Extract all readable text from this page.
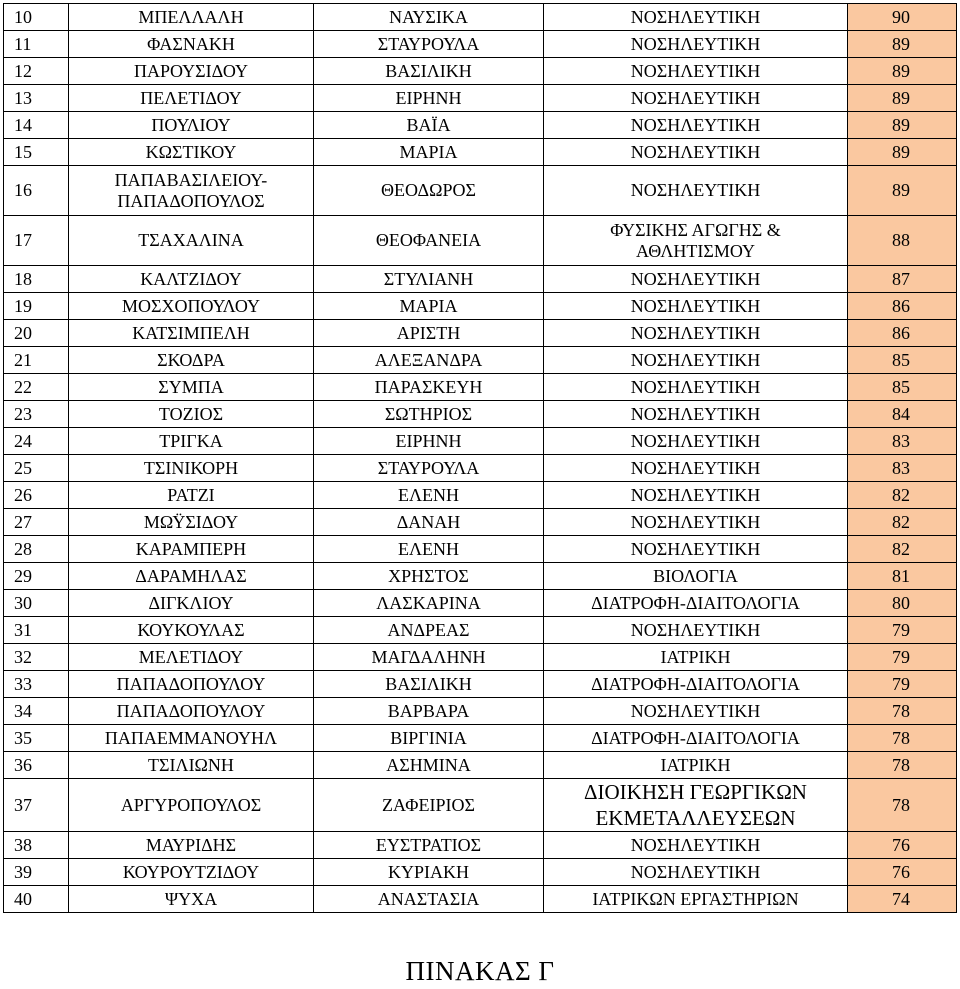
10	ΜΠΕΛΛΑΛΗ	ΝΑΥΣΙΚΑ	ΝΟΣΗΛΕΥΤΙΚΗ	90
11	ΦΑΣΝΑΚΗ	ΣΤΑΥΡΟΥΛΑ	ΝΟΣΗΛΕΥΤΙΚΗ	89
12	ΠΑΡΟΥΣΙΔΟΥ	ΒΑΣΙΛΙΚΗ	ΝΟΣΗΛΕΥΤΙΚΗ	89
13	ΠΕΛΕΤΙΔΟΥ	ΕΙΡΗΝΗ	ΝΟΣΗΛΕΥΤΙΚΗ	89
14	ΠΟΥΛΙΟΥ	ΒΑΪΑ	ΝΟΣΗΛΕΥΤΙΚΗ	89
15	ΚΩΣΤΙΚΟΥ	ΜΑΡΙΑ	ΝΟΣΗΛΕΥΤΙΚΗ	89
16	ΠΑΠΑΒΑΣΙΛΕΙΟΥ-
ΠΑΠΑΔΟΠΟΥΛΟΣ	ΘΕΟΔΩΡΟΣ	ΝΟΣΗΛΕΥΤΙΚΗ	89
17	ΤΣΑΧΑΛΙΝΑ	ΘΕΟΦΑΝΕΙΑ	ΦΥΣΙΚΗΣ ΑΓΩΓΗΣ &
ΑΘΛΗΤΙΣΜΟΥ	88
18	ΚΑΛΤΖΙΔΟΥ	ΣΤΥΛΙΑΝΗ	ΝΟΣΗΛΕΥΤΙΚΗ	87
19	ΜΟΣΧΟΠΟΥΛΟΥ	ΜΑΡΙΑ	ΝΟΣΗΛΕΥΤΙΚΗ	86
20	ΚΑΤΣΙΜΠΕΛΗ	ΑΡΙΣΤΗ	ΝΟΣΗΛΕΥΤΙΚΗ	86
21	ΣΚΟΔΡΑ	ΑΛΕΞΑΝΔΡΑ	ΝΟΣΗΛΕΥΤΙΚΗ	85
22	ΣΥΜΠΑ	ΠΑΡΑΣΚΕΥΗ	ΝΟΣΗΛΕΥΤΙΚΗ	85
23	ΤΟΖΙΟΣ	ΣΩΤΗΡΙΟΣ	ΝΟΣΗΛΕΥΤΙΚΗ	84
24	ΤΡΙΓΚΑ	ΕΙΡΗΝΗ	ΝΟΣΗΛΕΥΤΙΚΗ	83
25	ΤΣΙΝΙΚΟΡΗ	ΣΤΑΥΡΟΥΛΑ	ΝΟΣΗΛΕΥΤΙΚΗ	83
26	ΡΑΤΖΙ	ΕΛΕΝΗ	ΝΟΣΗΛΕΥΤΙΚΗ	82
27	ΜΩΫΣΙΔΟΥ	ΔΑΝΑΗ	ΝΟΣΗΛΕΥΤΙΚΗ	82
28	ΚΑΡΑΜΠΕΡΗ	ΕΛΕΝΗ	ΝΟΣΗΛΕΥΤΙΚΗ	82
29	ΔΑΡΑΜΗΛΑΣ	ΧΡΗΣΤΟΣ	ΒΙΟΛΟΓΙΑ	81
30	ΔΙΓΚΛΙΟΥ	ΛΑΣΚΑΡΙΝΑ	ΔΙΑΤΡΟΦΗ-ΔΙΑΙΤΟΛΟΓΙΑ	80
31	ΚΟΥΚΟΥΛΑΣ	ΑΝΔΡΕΑΣ	ΝΟΣΗΛΕΥΤΙΚΗ	79
32	ΜΕΛΕΤΙΔΟΥ	ΜΑΓΔΑΛΗΝΗ	ΙΑΤΡΙΚΗ	79
33	ΠΑΠΑΔΟΠΟΥΛΟΥ	ΒΑΣΙΛΙΚΗ	ΔΙΑΤΡΟΦΗ-ΔΙΑΙΤΟΛΟΓΙΑ	79
34	ΠΑΠΑΔΟΠΟΥΛΟΥ	ΒΑΡΒΑΡΑ	ΝΟΣΗΛΕΥΤΙΚΗ	78
35	ΠΑΠΑΕΜΜΑΝΟΥΗΛ	ΒΙΡΓΙΝΙΑ	ΔΙΑΤΡΟΦΗ-ΔΙΑΙΤΟΛΟΓΙΑ	78
36	ΤΣΙΛΙΩΝΗ	ΑΣΗΜΙΝΑ	ΙΑΤΡΙΚΗ	78
37	ΑΡΓΥΡΟΠΟΥΛΟΣ	ΖΑΦΕΙΡΙΟΣ	ΔΙΟΙΚΗΣΗ ΓΕΩΡΓΙΚΩΝ
ΕΚΜΕΤΑΛΛΕΥΣΕΩΝ	78
38	ΜΑΥΡΙΔΗΣ	ΕΥΣΤΡΑΤΙΟΣ	ΝΟΣΗΛΕΥΤΙΚΗ	76
39	ΚΟΥΡΟΥΤΖΙΔΟΥ	ΚΥΡΙΑΚΗ	ΝΟΣΗΛΕΥΤΙΚΗ	76
40	ΨΥΧΑ	ΑΝΑΣΤΑΣΙΑ	ΙΑΤΡΙΚΩΝ ΕΡΓΑΣΤΗΡΙΩΝ	74
ΠΙΝΑΚΑΣ Γ
